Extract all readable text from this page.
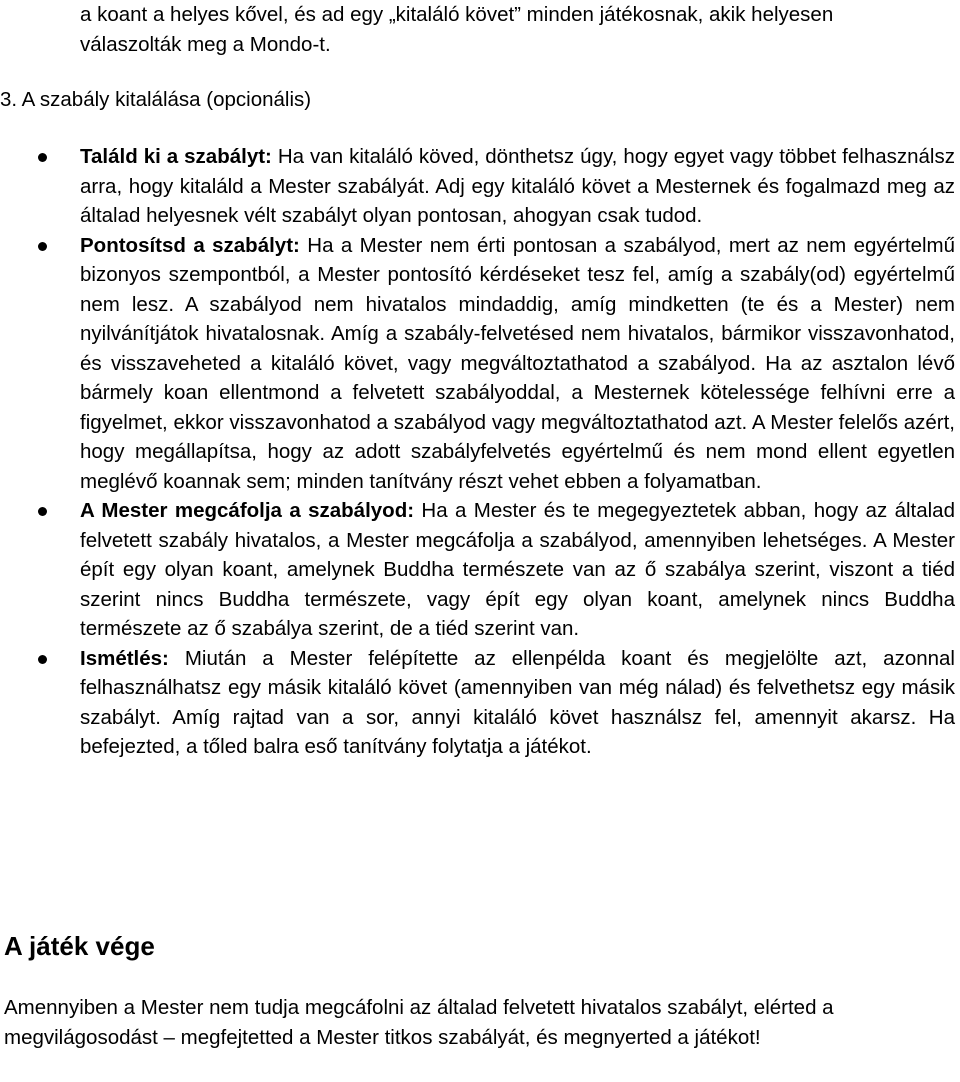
a koant a helyes kővel, és ad egy „kitaláló követ” minden játékosnak, akik helyesen válaszolták meg a Mondo-t.
3. A szabály kitalálása (opcionális)
Találd ki a szabályt: Ha van kitaláló köved, dönthetsz úgy, hogy egyet vagy többet felhasználsz arra, hogy kitaláld a Mester szabályát. Adj egy kitaláló követ a Mesternek és fogalmazd meg az általad helyesnek vélt szabályt olyan pontosan, ahogyan csak tudod.
Pontosítsd a szabályt: Ha a Mester nem érti pontosan a szabályod, mert az nem egyértelmű bizonyos szempontból, a Mester pontosító kérdéseket tesz fel, amíg a szabály(od) egyértelmű nem lesz. A szabályod nem hivatalos mindaddig, amíg mindketten (te és a Mester) nem nyilvánítjátok hivatalosnak. Amíg a szabály-felvetésed nem hivatalos, bármikor visszavonhatod, és visszaveheted a kitaláló követ, vagy megváltoztathatod a szabályod. Ha az asztalon lévő bármely koan ellentmond a felvetett szabályoddal, a Mesternek kötelessége felhívni erre a figyelmet, ekkor visszavonhatod a szabályod vagy megváltoztathatod azt. A Mester felelős azért, hogy megállapítsa, hogy az adott szabályfelvetés egyértelmű és nem mond ellent egyetlen meglévő koannak sem; minden tanítvány részt vehet ebben a folyamatban.
A Mester megcáfolja a szabályod: Ha a Mester és te megegyeztetek abban, hogy az általad felvetett szabály hivatalos, a Mester megcáfolja a szabályod, amennyiben lehetséges. A Mester épít egy olyan koant, amelynek Buddha természete van az ő szabálya szerint, viszont a tiéd szerint nincs Buddha természete, vagy épít egy olyan koant, amelynek nincs Buddha természete az ő szabálya szerint, de a tiéd szerint van.
Ismétlés: Miután a Mester felépítette az ellenpélda koant és megjelölte azt, azonnal felhasználhatsz egy másik kitaláló követ (amennyiben van még nálad) és felvethetsz egy másik szabályt. Amíg rajtad van a sor, annyi kitaláló követ használsz fel, amennyit akarsz. Ha befejezted, a tőled balra eső tanítvány folytatja a játékot.
A játék vége
Amennyiben a Mester nem tudja megcáfolni az általad felvetett hivatalos szabályt, elérted a megvilágosodást – megfejtetted a Mester titkos szabályát, és megnyerted a játékot!
